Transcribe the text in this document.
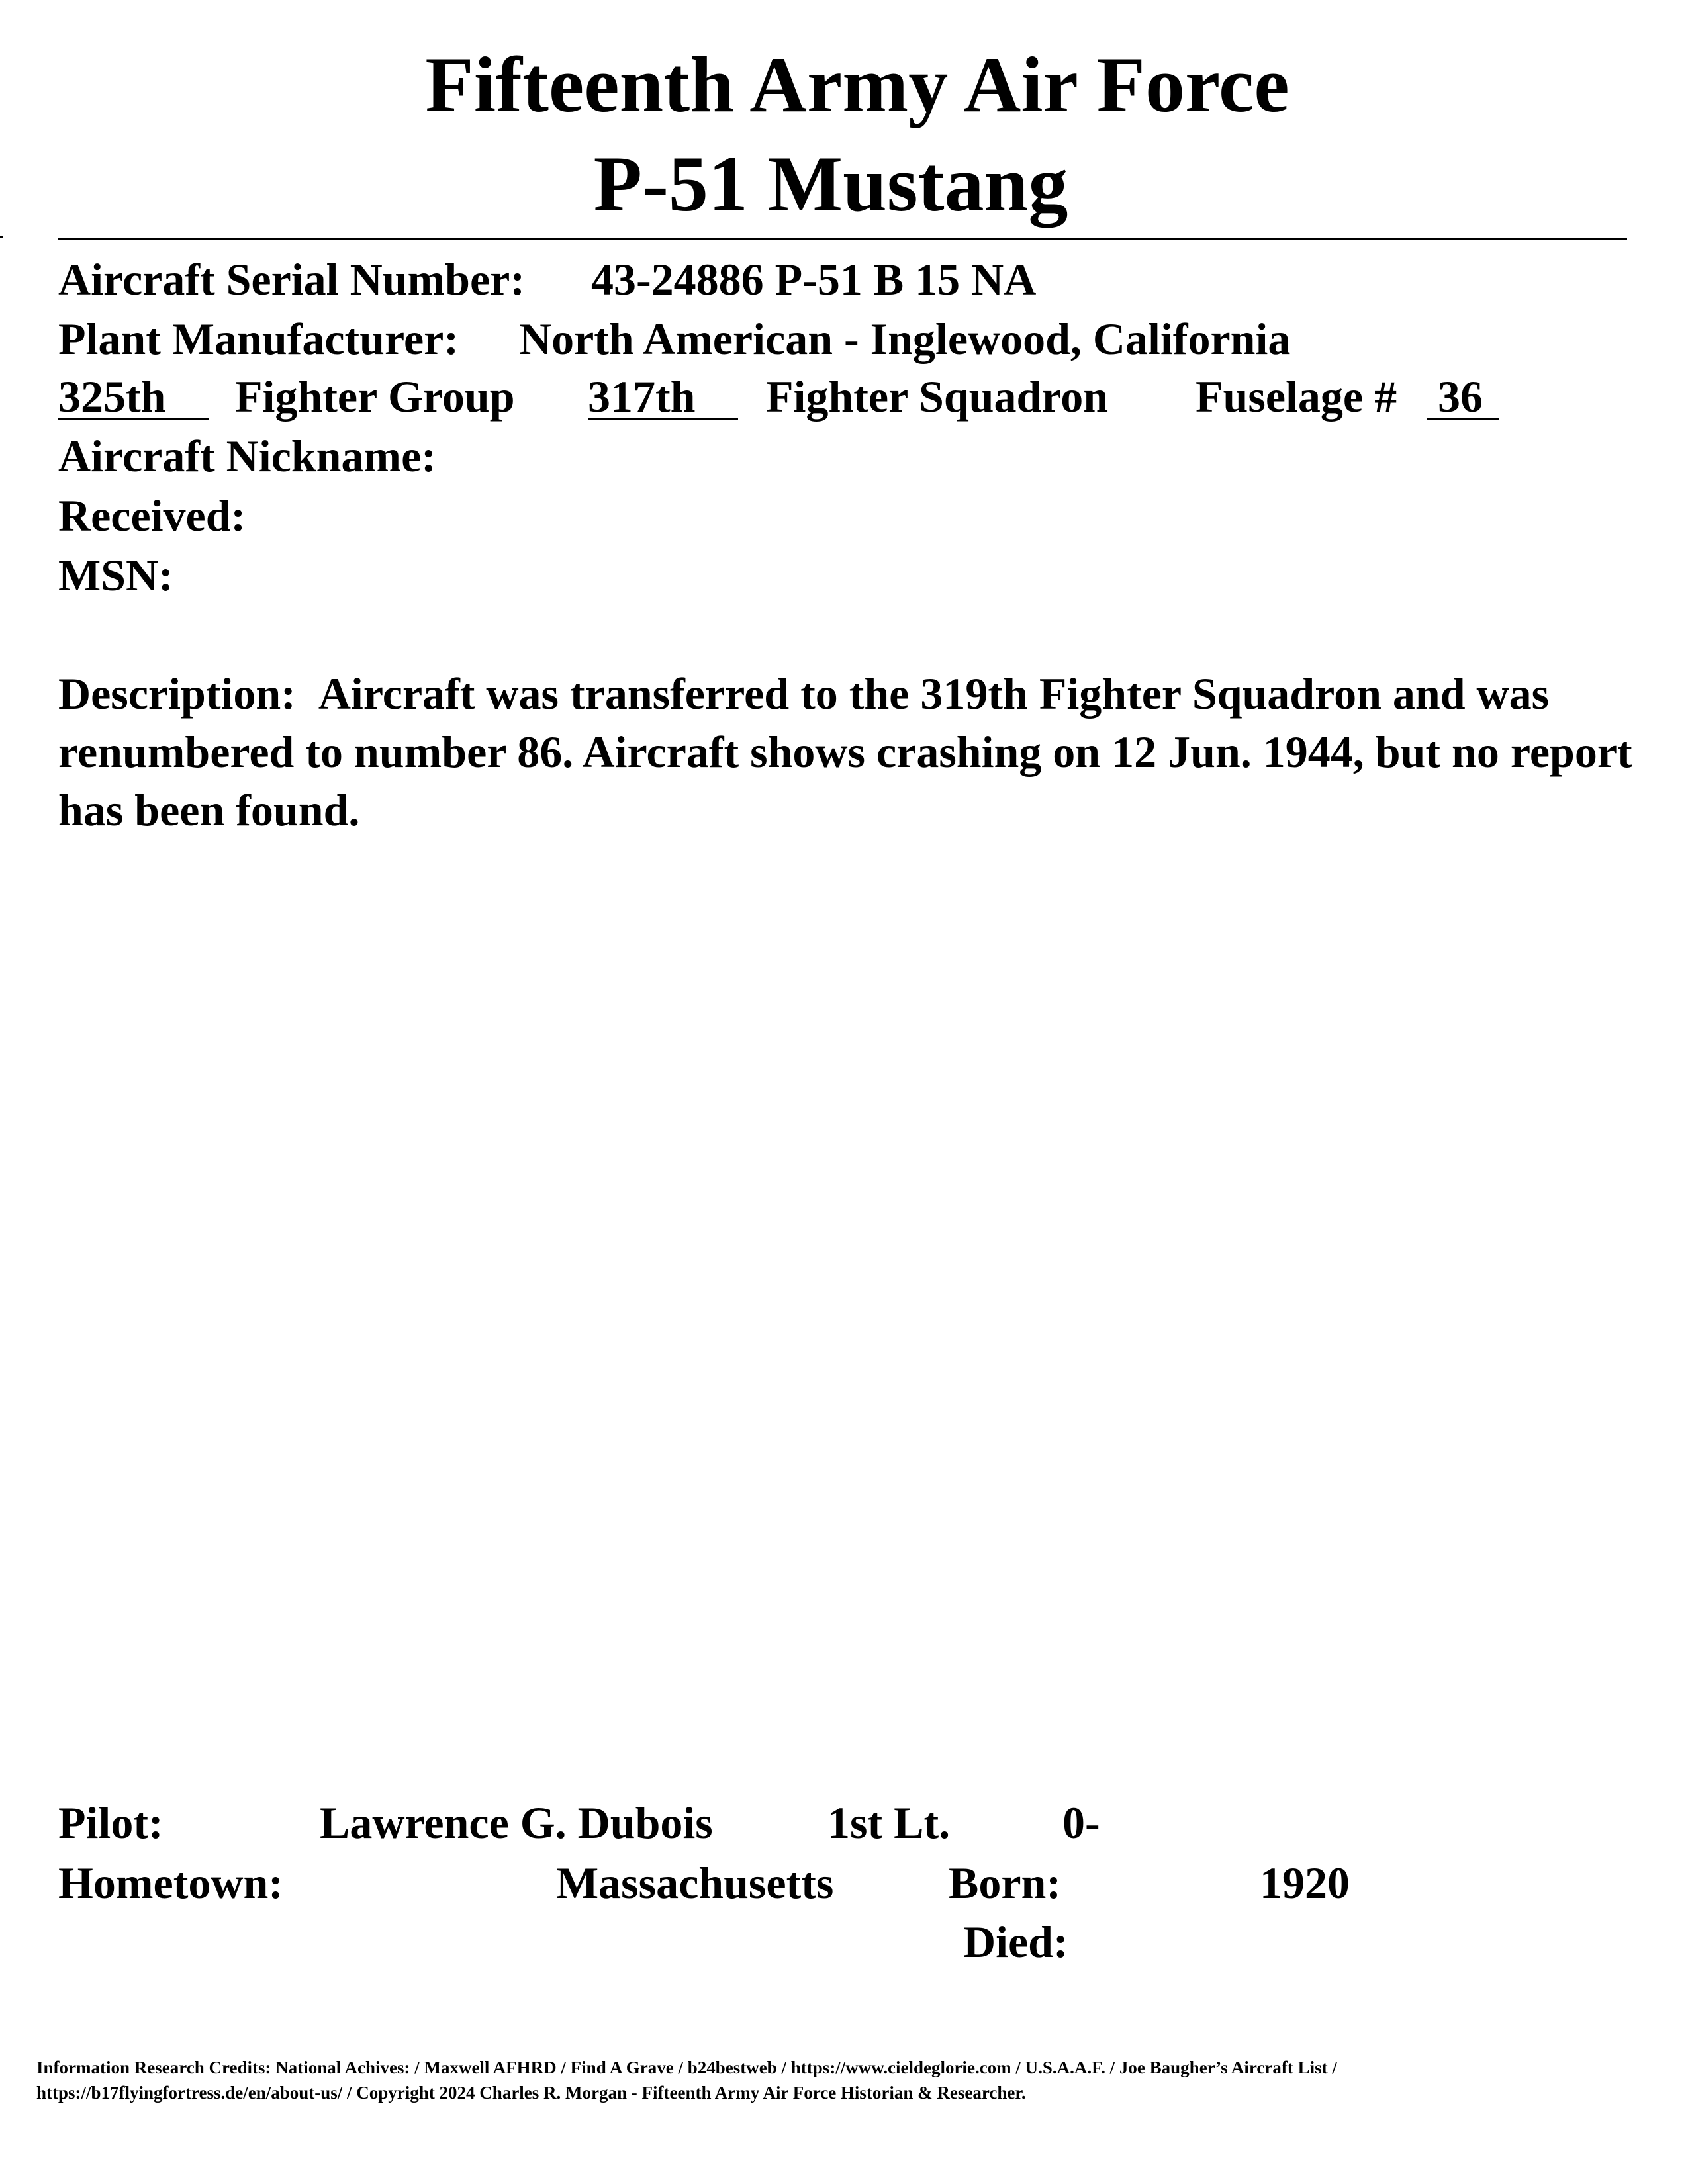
Fifteenth Army Air Force
P-51 Mustang
Aircraft Serial Number: 43-24886 P-51 B 15 NA
Plant Manufacturer: North American - Inglewood, California
325th Fighter Group 317th Fighter Squadron Fuselage # 36
Aircraft Nickname:
Received:
MSN:
Description: Aircraft was transferred to the 319th Fighter Squadron and was renumbered to number 86. Aircraft shows crashing on 12 Jun. 1944, but no report has been found.
Pilot:	Lawrence G. Dubois	1st Lt. 0-
Hometown:	Massachusetts	Born:	1920
Died:
Information Research Credits: National Achives: / Maxwell AFHRD / Find A Grave / b24bestweb / https://www.cieldeglorie.com / U.S.A.A.F. / Joe Baugher’s Aircraft List /
https://b17flyingfortress.de/en/about-us/ / Copyright 2024 Charles R. Morgan - Fifteenth Army Air Force Historian & Researcher.
